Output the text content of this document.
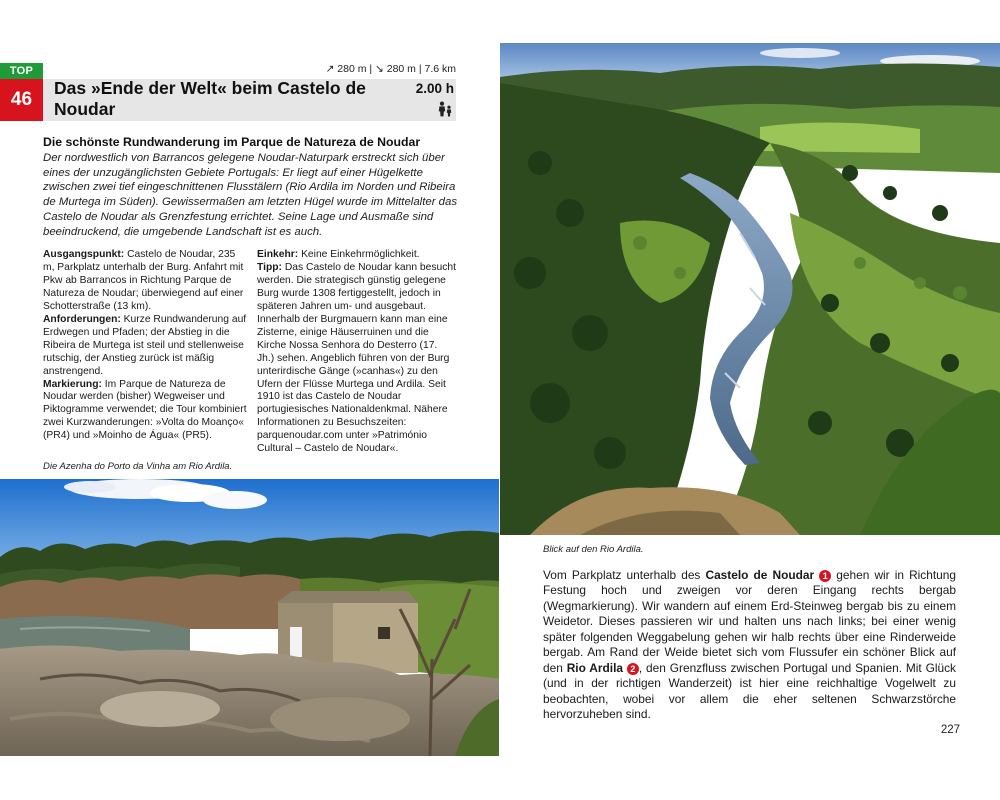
TOP
46
↗ 280 m | ↘ 280 m | 7.6 km
Das »Ende der Welt« beim Castelo de Noudar
2.00 h
Die schönste Rundwanderung im Parque de Natureza de Noudar

Der nordwestlich von Barrancos gelegene Noudar-Naturpark erstreckt sich über eines der unzugänglichsten Gebiete Portugals: Er liegt auf einer Hügelkette zwischen zwei tief eingeschnittenen Flusstälern (Rio Ardila im Norden und Ribeira de Murtega im Süden). Gewissermaßen am letzten Hügel wurde im Mittelalter das Castelo de Noudar als Grenzfestung errichtet. Seine Lage und Ausmaße sind beeindruckend, die umgebende Landschaft ist es auch.

Ausgangspunkt: Castelo de Noudar, 235 m, Parkplatz unterhalb der Burg. Anfahrt mit Pkw ab Barrancos in Richtung Parque de Natureza de Noudar; überwiegend auf einer Schotterstraße (13 km).

Anforderungen: Kurze Rundwanderung auf Erdwegen und Pfaden; der Abstieg in die Ribeira de Murtega ist steil und stellenweise rutschig, der Anstieg zurück ist mäßig anstrengend.

Markierung: Im Parque de Natureza de Noudar werden (bisher) Wegweiser und Piktogramme verwendet; die Tour kombiniert zwei Kurzwanderungen: »Volta do Moanço« (PR4) und »Moinho de Água« (PR5).

Einkehr: Keine Einkehrmöglichkeit.

Tipp: Das Castelo de Noudar kann besucht werden. Die strategisch günstig gelegene Burg wurde 1308 fertiggestellt, jedoch in späteren Jahren um- und ausgebaut. Innerhalb der Burgmauern kann man eine Zisterne, einige Häuserruinen und die Kirche Nossa Senhora do Desterro (17. Jh.) sehen. Angeblich führen von der Burg unterirdische Gänge (»canhas«) zu den Ufern der Flüsse Murtega und Ardila. Seit 1910 ist das Castelo de Noudar portugiesisches Nationaldenkmal. Nähere Informationen zu Besuchszeiten: parquenoudar.com unter »Património Cultural – Castelo de Noudar«.

Die Azenha do Porto da Vinha am Rio Ardila.
Blick auf den Rio Ardila.

Vom Parkplatz unterhalb des Castelo de Noudar 1 gehen wir in Richtung Festung hoch und zweigen vor deren Eingang rechts bergab (Wegmarkierung). Wir wandern auf einem Erd-Steinweg bergab bis zu einem Weidetor. Dieses passieren wir und halten uns nach links; bei einer wenig später folgenden Weggabelung gehen wir halb rechts über eine Rinderweide bergab. Am Rand der Weide bietet sich vom Flussufer ein schöner Blick auf den Rio Ardila 2 , den Grenzfluss zwischen Portugal und Spanien. Mit Glück (und in der richtigen Wanderzeit) ist hier eine reichhaltige Vogelwelt zu beobachten, wobei vor allem die eher seltenen Schwarzstörche hervorzuheben sind.

227
